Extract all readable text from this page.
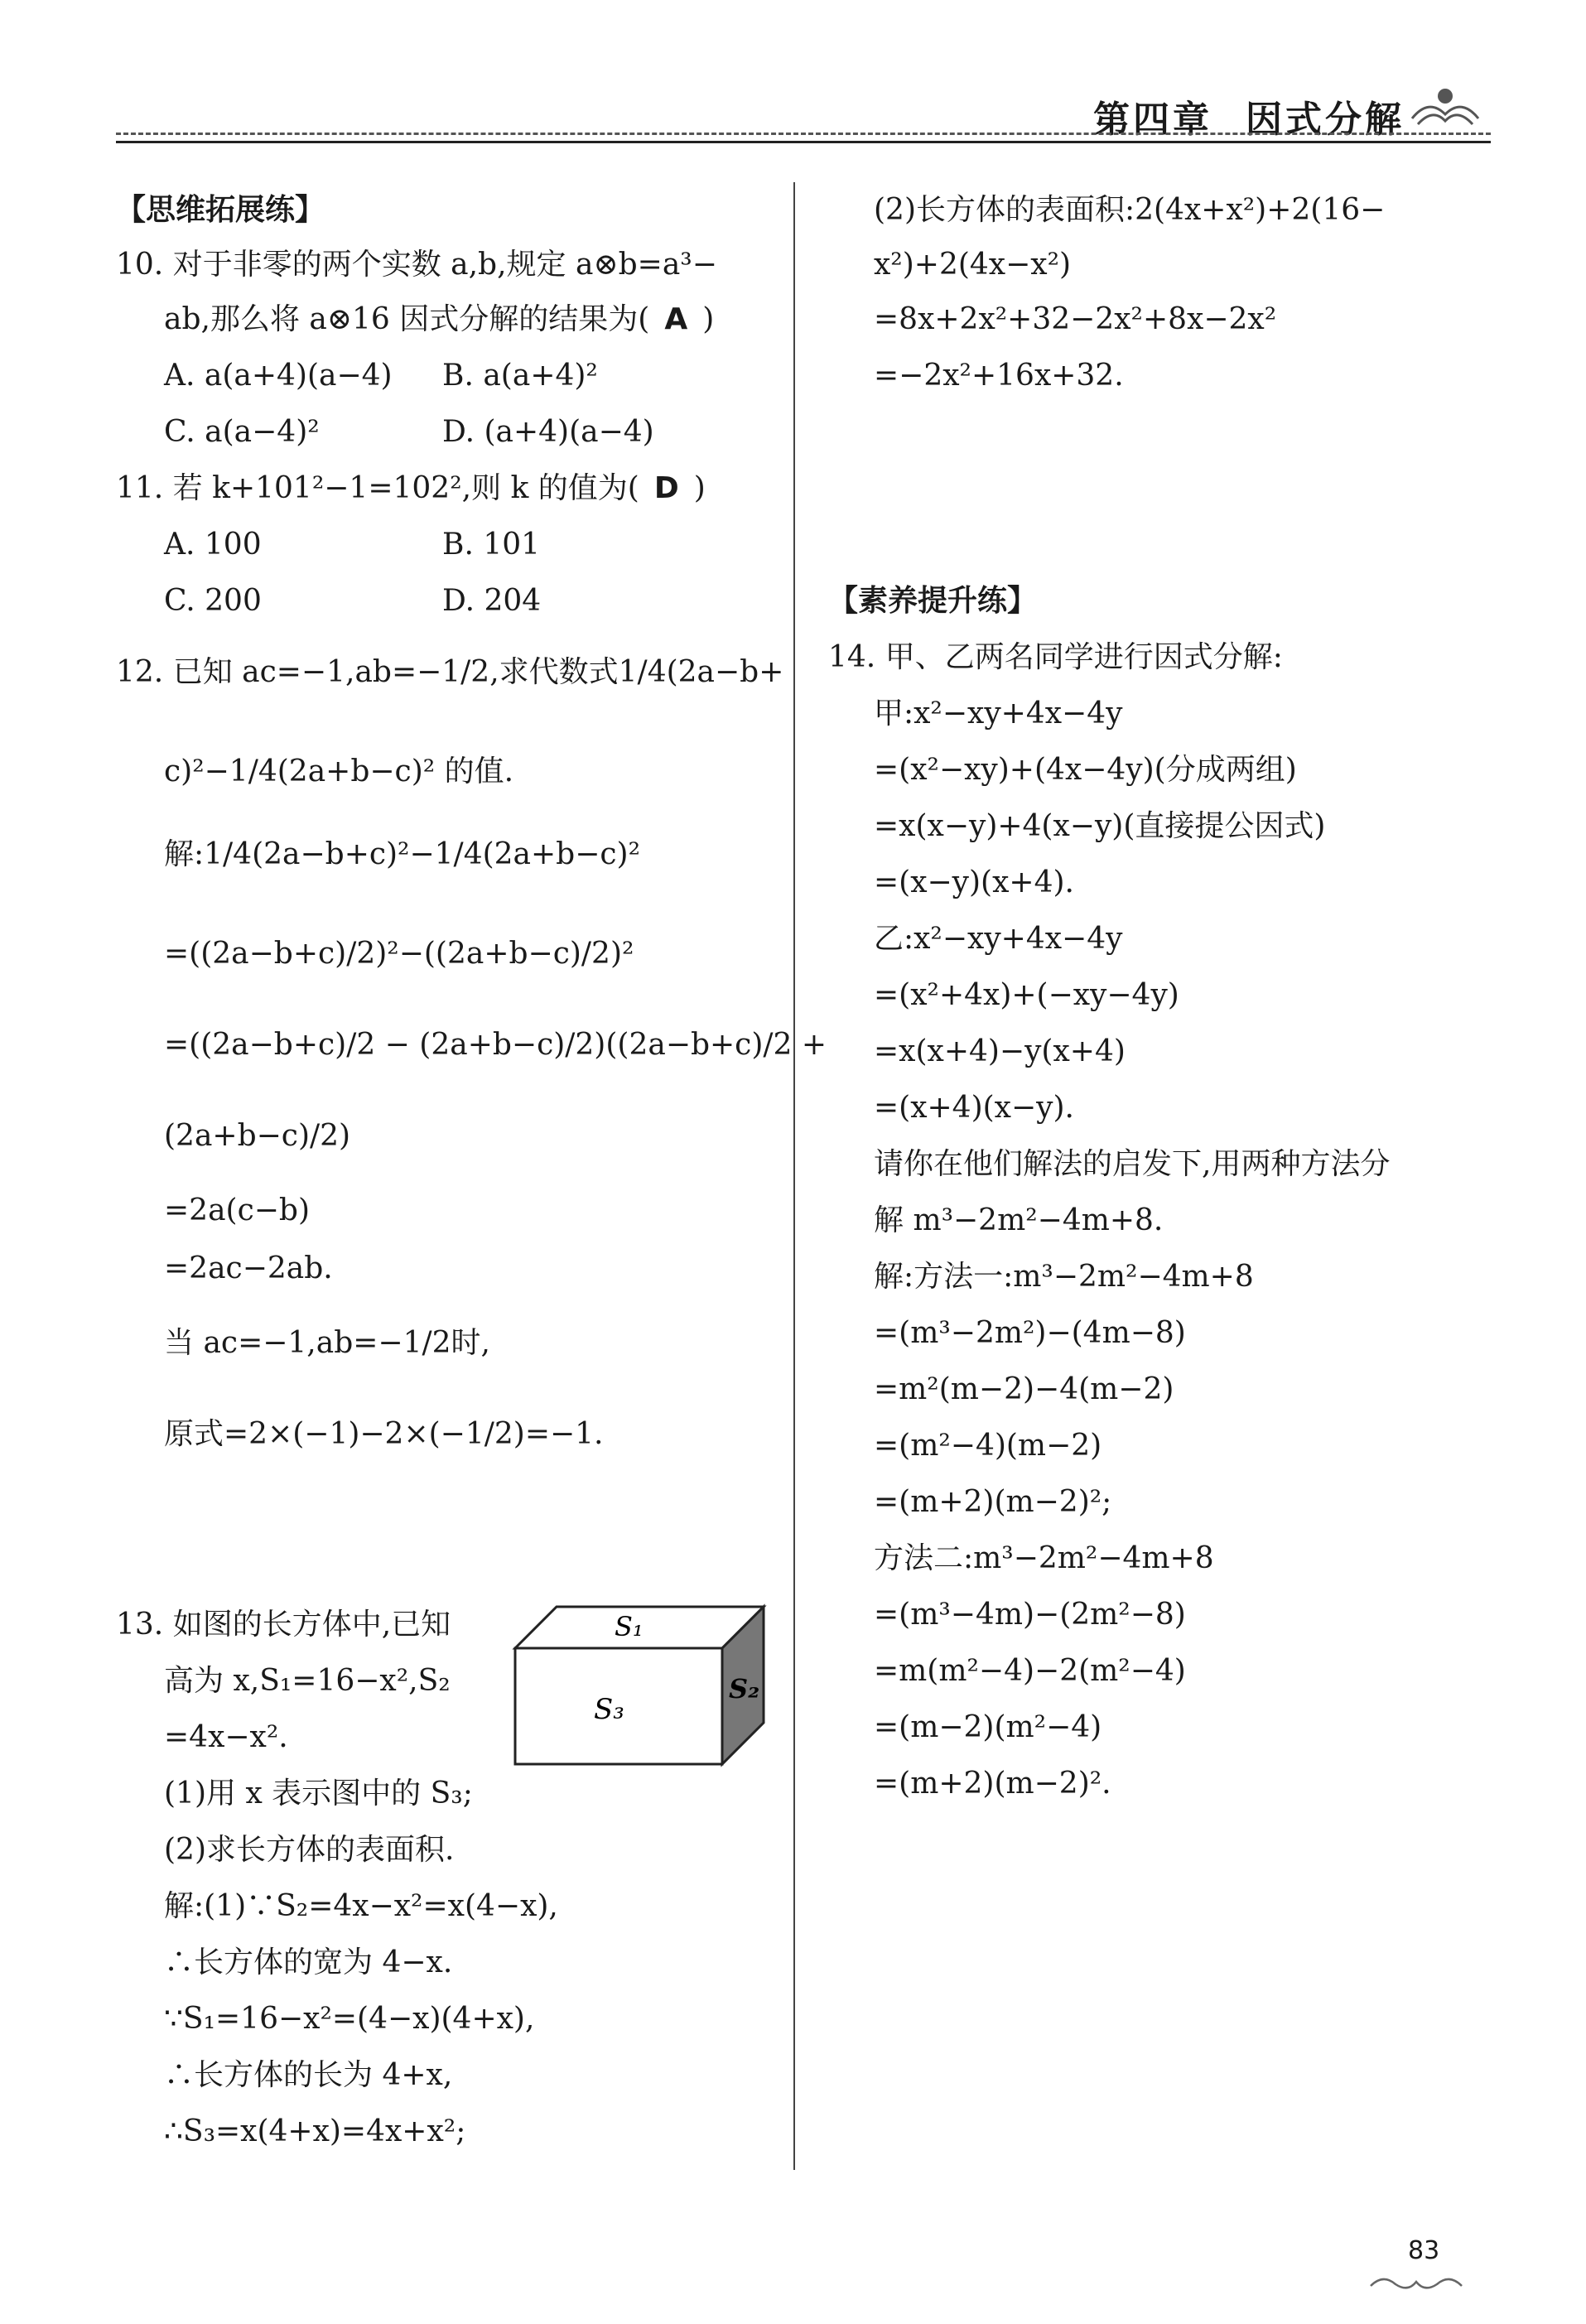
第四章 因式分解
【思维拓展练】
10. 对于非零的两个实数 a,b,规定 a⊗b=a³−
ab,那么将 a⊗16 因式分解的结果为( A )
A. a(a+4)(a−4) B. a(a+4)²
C. a(a−4)²	D. (a+4)(a−4)
11. 若 k+101²−1=102²,则 k 的值为( D )
A. 100	B. 101
C. 200	D. 204
12. 已知 ac=−1,ab=−1/2,求代数式1/4(2a−b+
c)²−1/4(2a+b−c)² 的值.
解:1/4(2a−b+c)²−1/4(2a+b−c)²
=((2a−b+c)/2)²−((2a+b−c)/2)²
=((2a−b+c)/2 − (2a+b−c)/2)((2a−b+c)/2 +
(2a+b−c)/2)
=2a(c−b)
=2ac−2ab.
当 ac=−1,ab=−1/2时,
原式=2×(−1)−2×(−1/2)=−1.
13. 如图的长方体中,已知
高为 x,S₁=16−x²,S₂
=4x−x².
(1)用 x 表示图中的 S₃;
(2)求长方体的表面积.
解:(1)∵S₂=4x−x²=x(4−x),
∴长方体的宽为 4−x.
∵S₁=16−x²=(4−x)(4+x),
∴长方体的长为 4+x,
∴S₃=x(4+x)=4x+x²;
S₁
S₃
S₂
(2)长方体的表面积:2(4x+x²)+2(16−
x²)+2(4x−x²)
=8x+2x²+32−2x²+8x−2x²
=−2x²+16x+32.
【素养提升练】
14. 甲、乙两名同学进行因式分解:
甲:x²−xy+4x−4y
=(x²−xy)+(4x−4y)(分成两组)
=x(x−y)+4(x−y)(直接提公因式)
=(x−y)(x+4).
乙:x²−xy+4x−4y
=(x²+4x)+(−xy−4y)
=x(x+4)−y(x+4)
=(x+4)(x−y).
请你在他们解法的启发下,用两种方法分
解 m³−2m²−4m+8.
解:方法一:m³−2m²−4m+8
=(m³−2m²)−(4m−8)
=m²(m−2)−4(m−2)
=(m²−4)(m−2)
=(m+2)(m−2)²;
方法二:m³−2m²−4m+8
=(m³−4m)−(2m²−8)
=m(m²−4)−2(m²−4)
=(m−2)(m²−4)
=(m+2)(m−2)².
83
